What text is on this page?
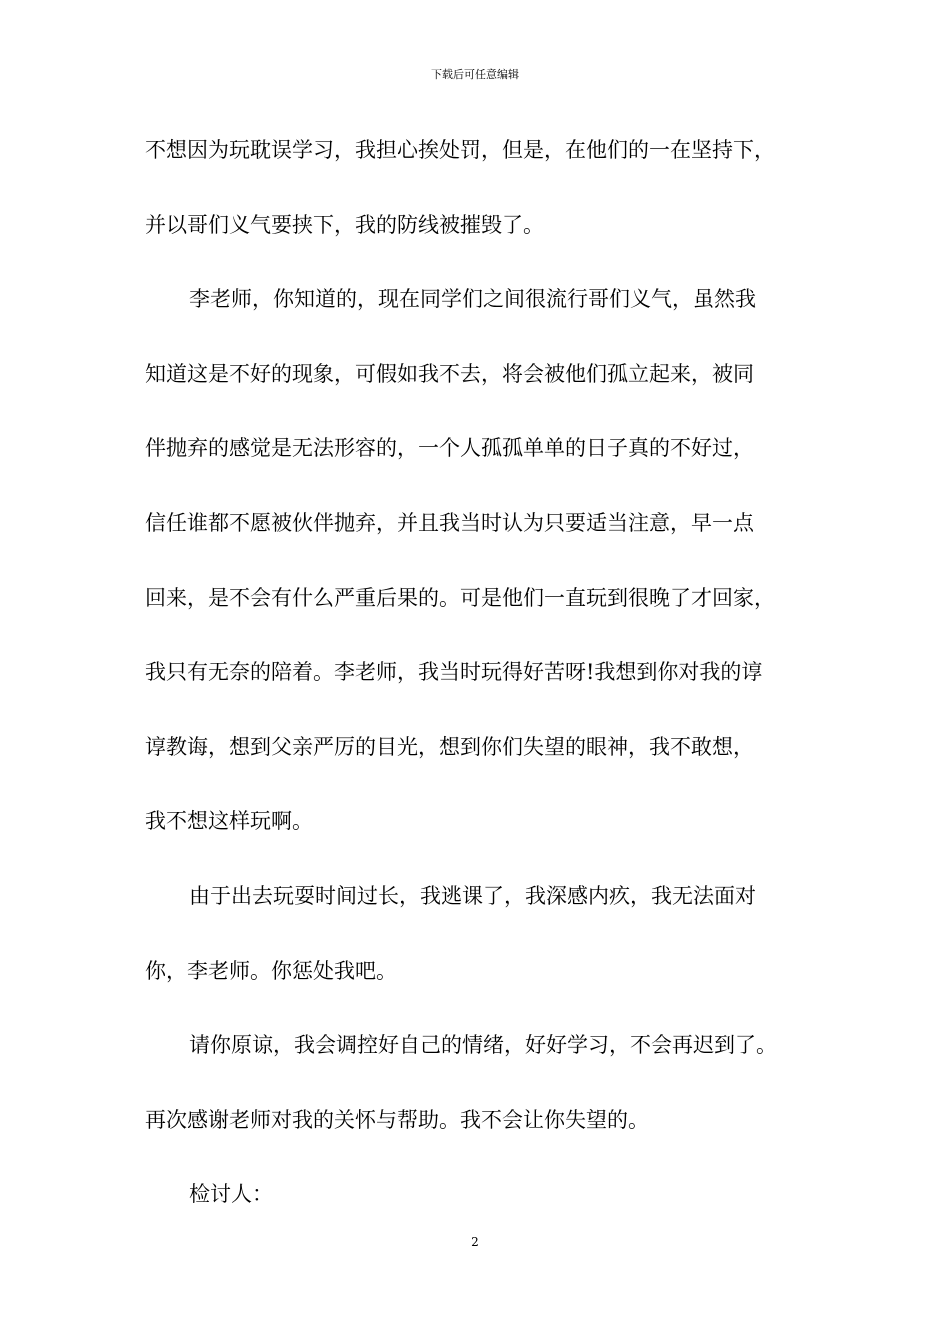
下载后可任意编辑
不想因为玩耽误学习，我担心挨处罚，但是，在他们的一在坚持下，
并以哥们义气要挟下，我的防线被摧毁了。
李老师，你知道的，现在同学们之间很流行哥们义气，虽然我
知道这是不好的现象，可假如我不去，将会被他们孤立起来，被同
伴抛弃的感觉是无法形容的，一个人孤孤单单的日子真的不好过，
信任谁都不愿被伙伴抛弃，并且我当时认为只要适当注意，早一点
回来，是不会有什么严重后果的。可是他们一直玩到很晚了才回家，
我只有无奈的陪着。李老师，我当时玩得好苦呀!我想到你对我的谆
谆教诲，想到父亲严厉的目光，想到你们失望的眼神，我不敢想，
我不想这样玩啊。
由于出去玩耍时间过长，我逃课了，我深感内疚，我无法面对
你，李老师。你惩处我吧。
请你原谅，我会调控好自己的情绪，好好学习，不会再迟到了。
再次感谢老师对我的关怀与帮助。我不会让你失望的。
检讨人：
2
